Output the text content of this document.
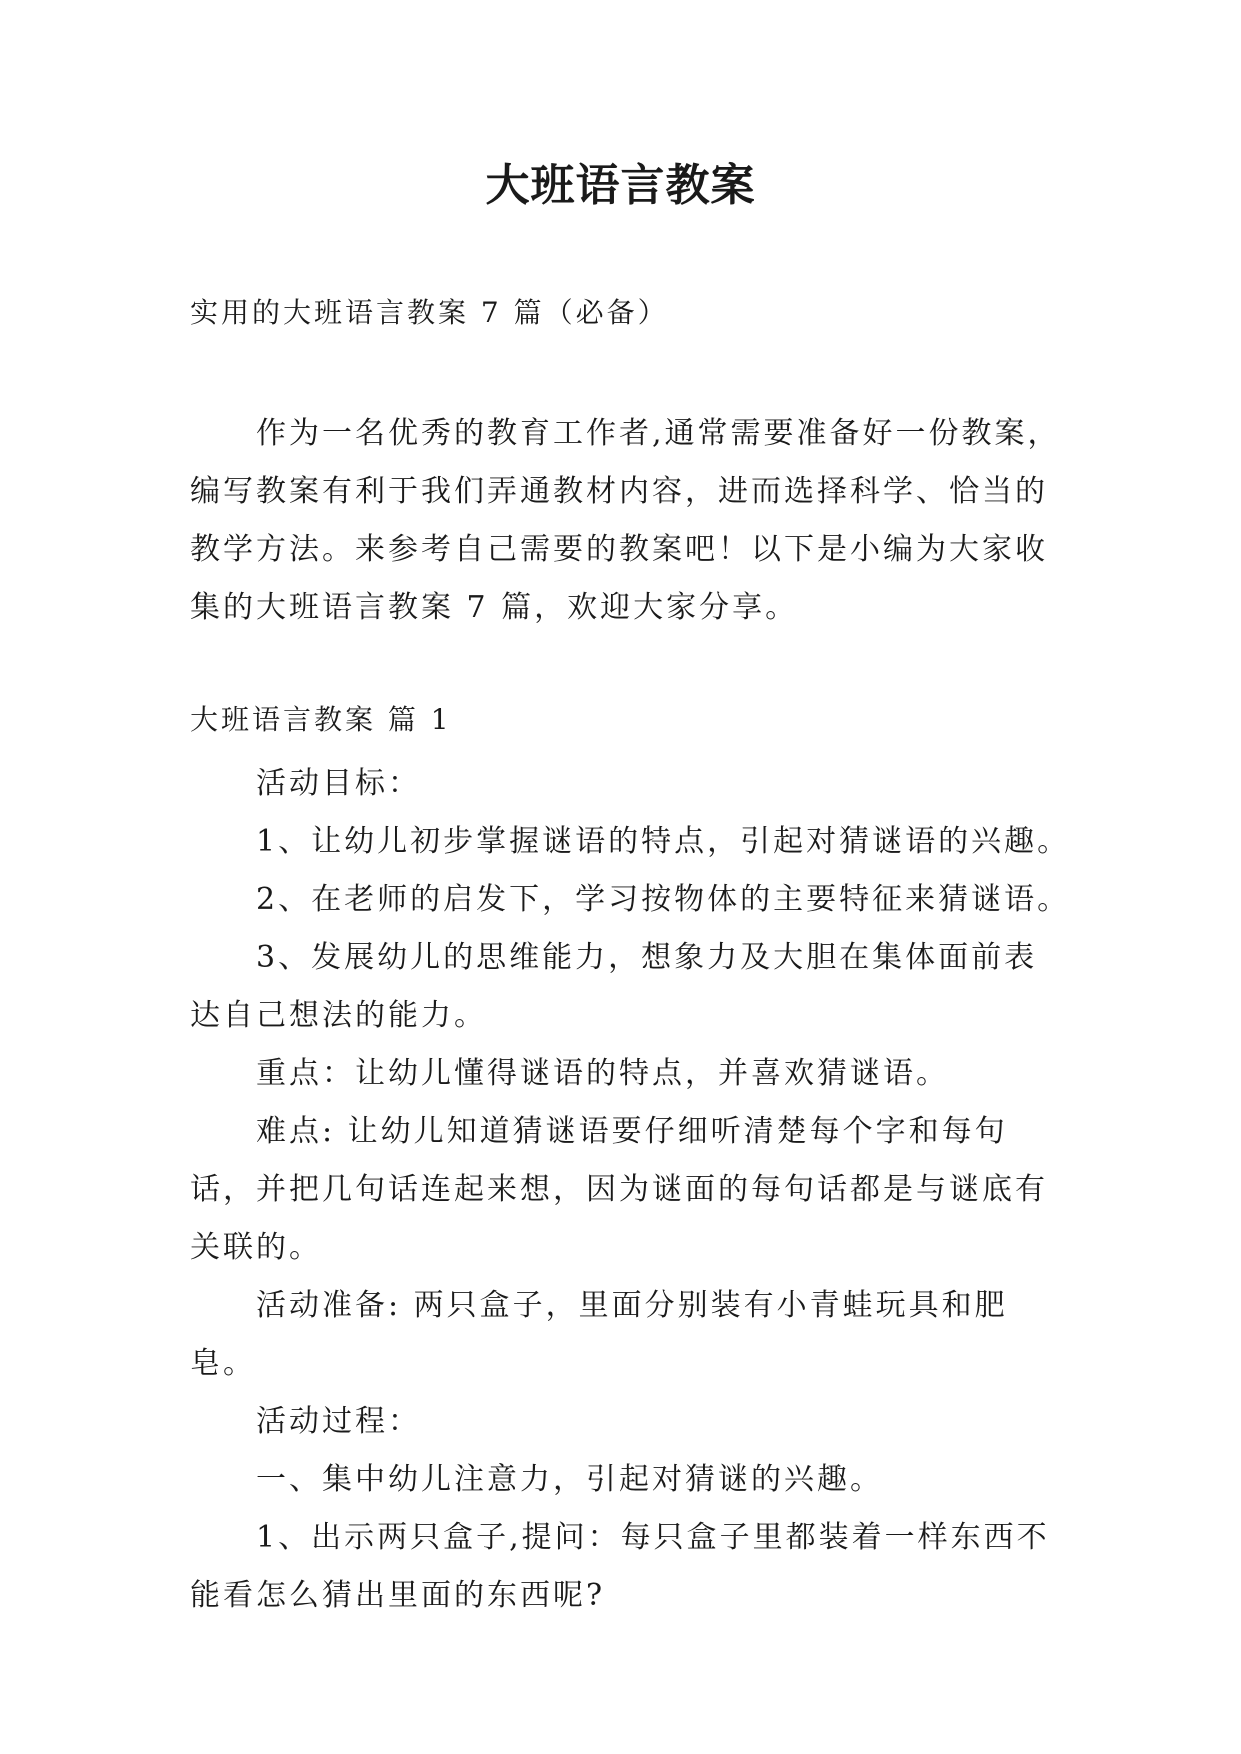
大班语言教案
实用的大班语言教案 7 篇（必备）

作为一名优秀的教育工作者,通常需要准备好一份教案，编写教案有利于我们弄通教材内容，进而选择科学、恰当的教学方法。来参考自己需要的教案吧！以下是小编为大家收集的大班语言教案 7 篇，欢迎大家分享。

大班语言教案 篇 1

活动目标：

1、让幼儿初步掌握谜语的特点，引起对猜谜语的兴趣。

2、在老师的启发下，学习按物体的主要特征来猜谜语。

3、发展幼儿的思维能力，想象力及大胆在集体面前表达自己想法的能力。

重点：让幼儿懂得谜语的特点，并喜欢猜谜语。

难点: 让幼儿知道猜谜语要仔细听清楚每个字和每句话，并把几句话连起来想，因为谜面的每句话都是与谜底有关联的。

活动准备: 两只盒子，里面分别装有小青蛙玩具和肥皂。

活动过程：

一、集中幼儿注意力，引起对猜谜的兴趣。

1、出示两只盒子,提问：每只盒子里都装着一样东西不能看怎么猜出里面的东西呢?
